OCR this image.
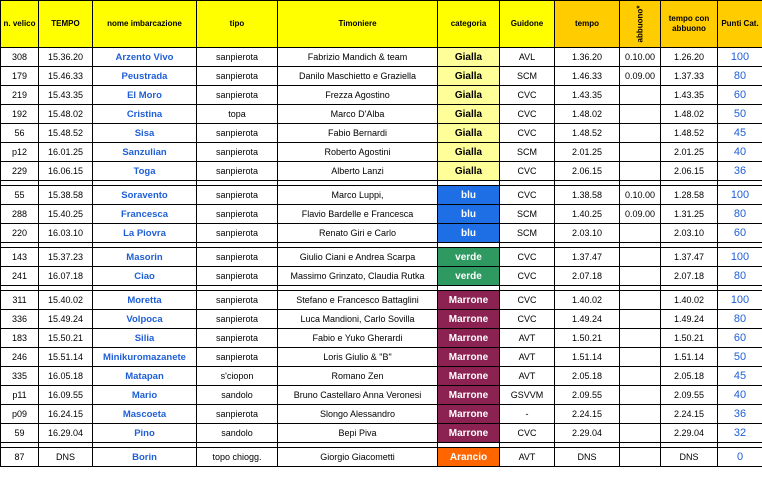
n. velico	TEMPO	nome imbarcazione	tipo	Timoniere	categoria	Guidone	tempo	abbuono*	tempo con abbuono	Punti Cat.
308	15.36.20	Arzento Vivo	sanpierota	Fabrizio Mandich & team	Gialla	AVL	1.36.20	0.10.00	1.26.20	100
179	15.46.33	Peustrada	sanpierota	Danilo Maschietto e Graziella	Gialla	SCM	1.46.33	0.09.00	1.37.33	80
219	15.43.35	El Moro	sanpierota	Frezza Agostino	Gialla	CVC	1.43.35		1.43.35	60
192	15.48.02	Cristina	topa	Marco D'Alba	Gialla	CVC	1.48.02		1.48.02	50
56	15.48.52	Sisa	sanpierota	Fabio Bernardi	Gialla	CVC	1.48.52		1.48.52	45
p12	16.01.25	Sanzulian	sanpierota	Roberto Agostini	Gialla	SCM	2.01.25		2.01.25	40
229	16.06.15	Toga	sanpierota	Alberto Lanzi	Gialla	CVC	2.06.15		2.06.15	36

55	15.38.58	Soravento	sanpierota	Marco Luppi,	blu	CVC	1.38.58	0.10.00	1.28.58	100
288	15.40.25	Francesca	sanpierota	Flavio Bardelle e Francesca	blu	SCM	1.40.25	0.09.00	1.31.25	80
220	16.03.10	La Piovra	sanpierota	Renato Giri e Carlo	blu	SCM	2.03.10		2.03.10	60

143	15.37.23	Masorin	sanpierota	Giulio Ciani e Andrea Scarpa	verde	CVC	1.37.47		1.37.47	100
241	16.07.18	Ciao	sanpierota	Massimo Grinzato, Claudia Rutka	verde	CVC	2.07.18		2.07.18	80

311	15.40.02	Moretta	sanpierota	Stefano e Francesco Battaglini	Marrone	CVC	1.40.02		1.40.02	100
336	15.49.24	Volpoca	sanpierota	Luca Mandioni, Carlo Sovilla	Marrone	CVC	1.49.24		1.49.24	80
183	15.50.21	Silia	sanpierota	Fabio e Yuko Gherardi	Marrone	AVT	1.50.21		1.50.21	60
246	15.51.14	Minikuromazanete	sanpierota	Loris Giulio & "B"	Marrone	AVT	1.51.14		1.51.14	50
335	16.05.18	Matapan	s'ciopon	Romano Zen	Marrone	AVT	2.05.18		2.05.18	45
p11	16.09.55	Mario	sandolo	Bruno Castellaro Anna Veronesi	Marrone	GSVVM	2.09.55		2.09.55	40
p09	16.24.15	Mascoeta	sanpierota	Slongo Alessandro	Marrone	-	2.24.15		2.24.15	36
59	16.29.04	Pino	sandolo	Bepi Piva	Marrone	CVC	2.29.04		2.29.04	32

87	DNS	Borin	topo chiogg.	Giorgio Giacometti	Arancio	AVT	DNS		DNS	0
